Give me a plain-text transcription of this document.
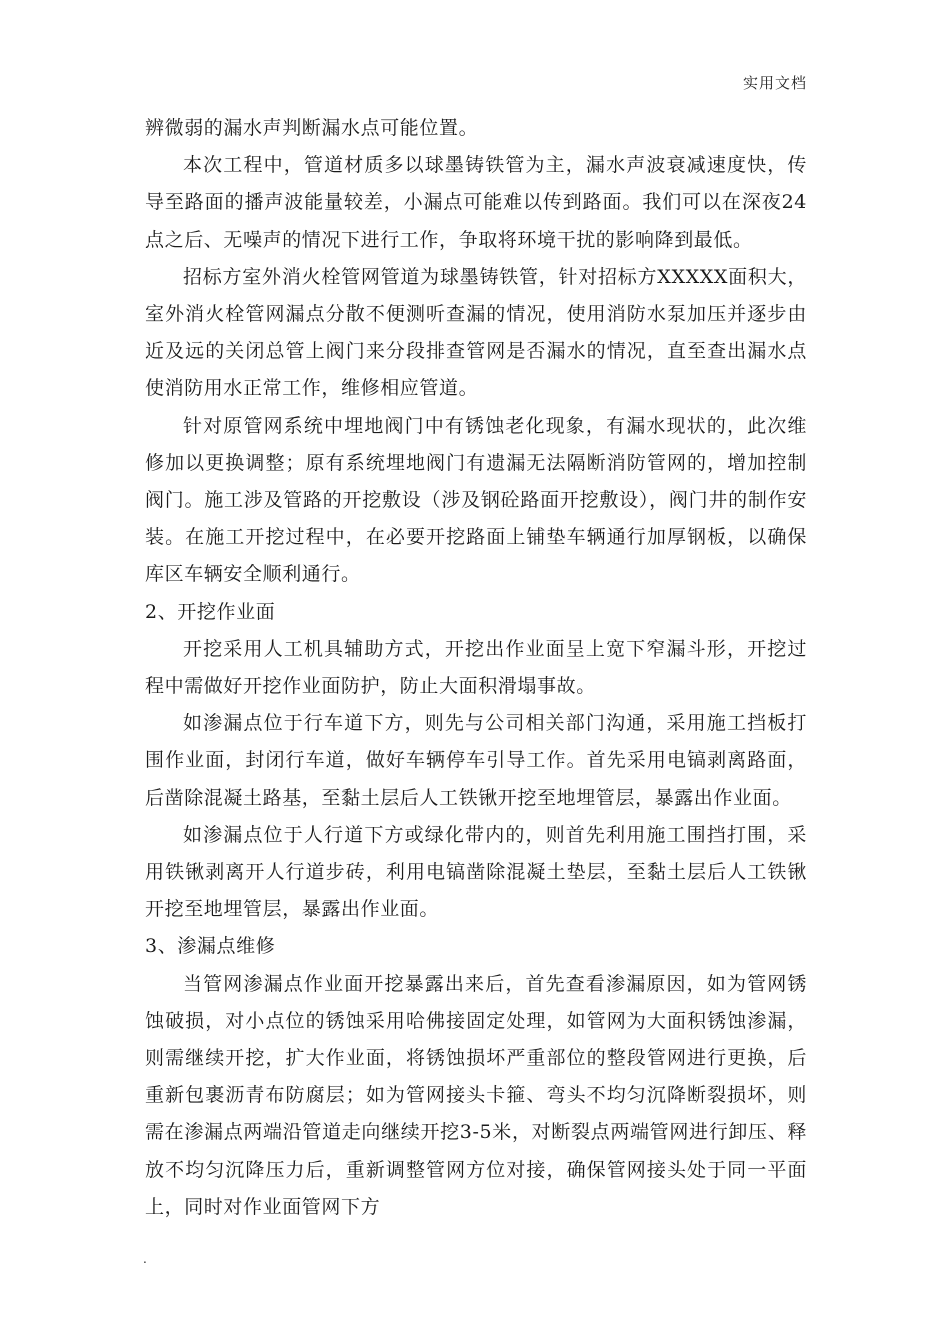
实用文档

辨微弱的漏水声判断漏水点可能位置。

本次工程中，管道材质多以球墨铸铁管为主，漏水声波衰减速度快，传导至路面的播声波能量较差，小漏点可能难以传到路面。我们可以在深夜24点之后、无噪声的情况下进行工作，争取将环境干扰的影响降到最低。

招标方室外消火栓管网管道为球墨铸铁管，针对招标方XXXXX面积大，室外消火栓管网漏点分散不便测听查漏的情况，使用消防水泵加压并逐步由近及远的关闭总管上阀门来分段排查管网是否漏水的情况，直至查出漏水点使消防用水正常工作，维修相应管道。

针对原管网系统中埋地阀门中有锈蚀老化现象，有漏水现状的，此次维修加以更换调整；原有系统埋地阀门有遗漏无法隔断消防管网的，增加控制阀门。施工涉及管路的开挖敷设（涉及钢砼路面开挖敷设），阀门井的制作安装。在施工开挖过程中，在必要开挖路面上铺垫车辆通行加厚钢板，以确保库区车辆安全顺利通行。

2、开挖作业面

开挖采用人工机具辅助方式，开挖出作业面呈上宽下窄漏斗形，开挖过程中需做好开挖作业面防护，防止大面积滑塌事故。

如渗漏点位于行车道下方，则先与公司相关部门沟通，采用施工挡板打围作业面，封闭行车道，做好车辆停车引导工作。首先采用电镐剥离路面，后凿除混凝土路基，至黏土层后人工铁锹开挖至地埋管层，暴露出作业面。

如渗漏点位于人行道下方或绿化带内的，则首先利用施工围挡打围，采用铁锹剥离开人行道步砖，利用电镐凿除混凝土垫层，至黏土层后人工铁锹开挖至地埋管层，暴露出作业面。

3、渗漏点维修

当管网渗漏点作业面开挖暴露出来后，首先查看渗漏原因，如为管网锈蚀破损，对小点位的锈蚀采用哈佛接固定处理，如管网为大面积锈蚀渗漏，则需继续开挖，扩大作业面，将锈蚀损坏严重部位的整段管网进行更换，后重新包裹沥青布防腐层；如为管网接头卡箍、弯头不均匀沉降断裂损坏，则需在渗漏点两端沿管道走向继续开挖3-5米，对断裂点两端管网进行卸压、释放不均匀沉降压力后，重新调整管网方位对接，确保管网接头处于同一平面上，同时对作业面管网下方

.
